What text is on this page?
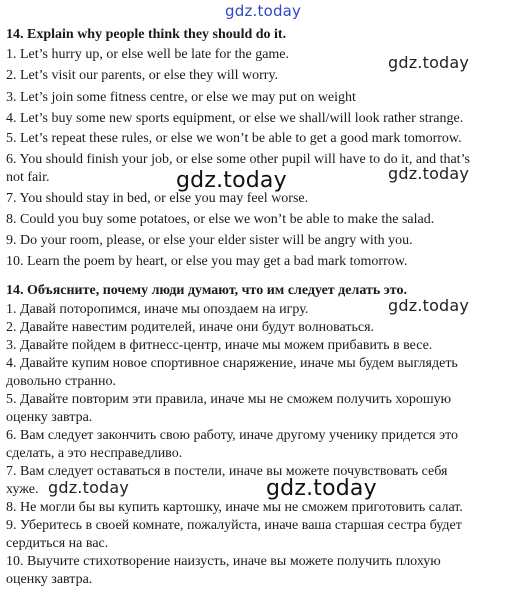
gdz.today
gdz.today
gdz.today
gdz.today
gdz.today
gdz.today	gdz.today
14. Explain why people think they should do it.
1. Let’s hurry up, or else well be late for the game.
2. Let’s visit our parents, or else they will worry.
3. Let’s join some fitness centre, or else we may put on weight
4. Let’s buy some new sports equipment, or else we shall/will look rather strange.
5. Let’s repeat these rules, or else we won’t be able to get a good mark tomorrow.
6. You should finish your job, or else some other pupil will have to do it, and that’s
not fair.
7. You should stay in bed, or else you may feel worse.
8. Could you buy some potatoes, or else we won’t be able to make the salad.
9. Do your room, please, or else your elder sister will be angry with you.
10. Learn the poem by heart, or else you may get a bad mark tomorrow.
14. Объясните, почему люди думают, что им следует делать это.
1. Давай поторопимся, иначе мы опоздаем на игру.
2. Давайте навестим родителей, иначе они будут волноваться.
3. Давайте пойдем в фитнесс-центр, иначе мы можем прибавить в весе.
4. Давайте купим новое спортивное снаряжение, иначе мы будем выглядеть
довольно странно.
5. Давайте повторим эти правила, иначе мы не сможем получить хорошую
оценку завтра.
6. Вам следует закончить свою работу, иначе другому ученику придется это
сделать, а это несправедливо.
7. Вам следует оставаться в постели, иначе вы можете почувствовать себя
хуже.
8. Не могли бы вы купить картошку, иначе мы не сможем приготовить салат.
9. Уберитесь в своей комнате, пожалуйста, иначе ваша старшая сестра будет
сердиться на вас.
10. Выучите стихотворение наизусть, иначе вы можете получить плохую
оценку завтра.
